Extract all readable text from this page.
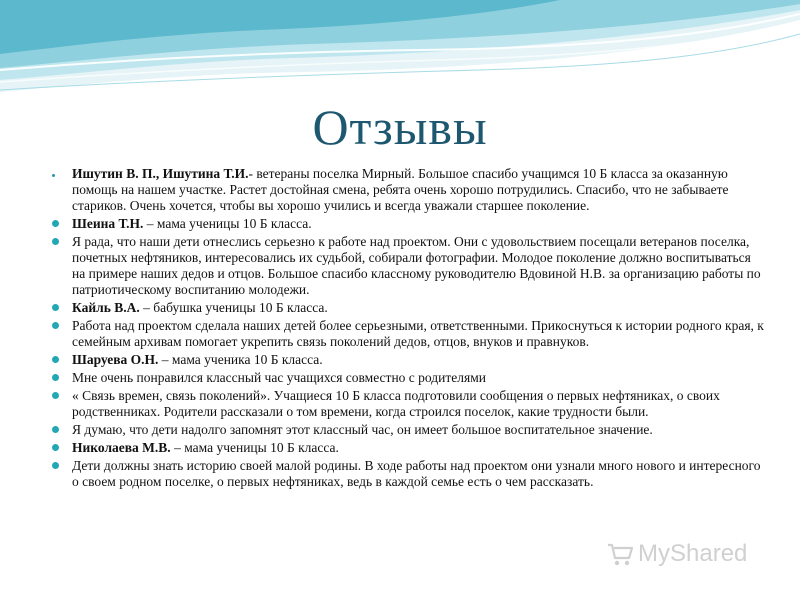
Отзывы
Ишутин В. П., Ишутина Т.И.- ветераны поселка Мирный. Большое спасибо учащимся 10 Б класса за оказанную помощь на нашем участке. Растет достойная смена, ребята очень хорошо потрудились. Спасибо, что не забываете стариков. Очень хочется, чтобы вы хорошо учились и всегда уважали старшее поколение.
Шеина Т.Н. – мама ученицы 10 Б класса.
Я рада, что наши дети отнеслись серьезно к работе над проектом. Они с удовольствием посещали ветеранов поселка, почетных нефтяников, интересовались их судьбой, собирали фотографии. Молодое поколение должно воспитываться на примере наших дедов и отцов. Большое спасибо классному руководителю Вдовиной Н.В. за организацию работы по патриотическому воспитанию молодежи.
Кайль В.А. – бабушка ученицы 10 Б класса.
Работа над проектом сделала наших детей более серьезными, ответственными. Прикоснуться к истории родного края, к семейным архивам помогает укрепить связь поколений дедов, отцов, внуков и правнуков.
Шаруева О.Н. – мама ученика 10 Б класса.
Мне очень понравился классный час учащихся совместно с родителями
« Связь времен, связь поколений». Учащиеся 10 Б класса подготовили сообщения о первых нефтяниках, о своих родственниках. Родители рассказали о том времени, когда строился поселок, какие трудности были.
Я думаю, что дети надолго запомнят этот классный час, он имеет большое воспитательное значение.
Николаева М.В. – мама ученицы 10 Б класса.
Дети должны знать историю своей малой родины. В ходе работы над проектом они узнали много нового и интересного о своем родном поселке, о первых нефтяниках, ведь в каждой семье есть о чем рассказать.
MyShared
